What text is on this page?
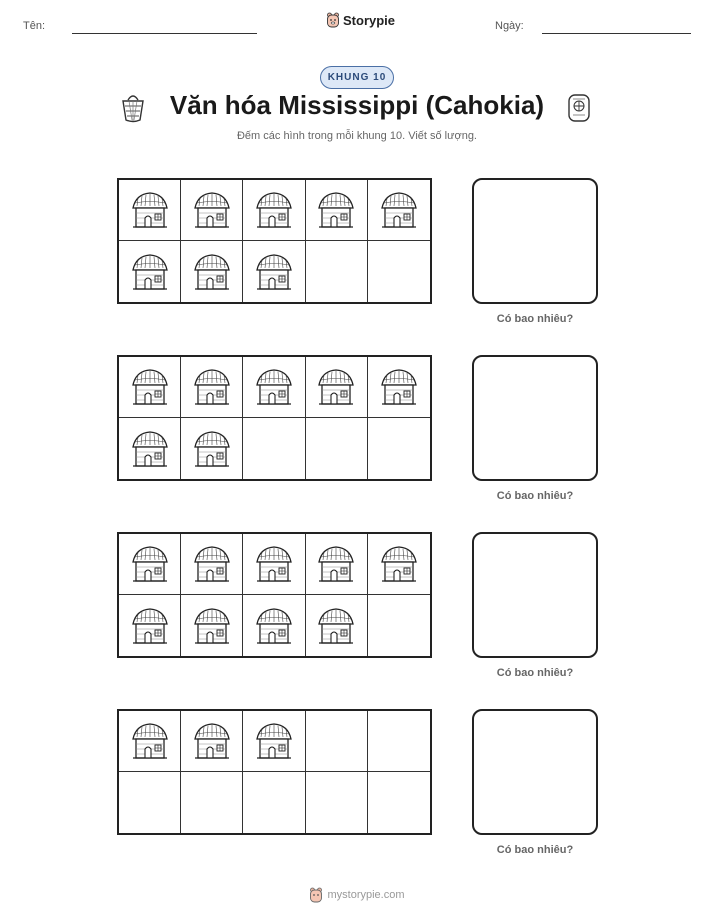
Tên:	Storypie	Ngày:
KHUNG 10
Văn hóa Mississippi (Cahokia)
Đếm các hình trong mỗi khung 10. Viết số lượng.
Có bao nhiêu?
Có bao nhiêu?
Có bao nhiêu?
Có bao nhiêu?
mystorypie.com
